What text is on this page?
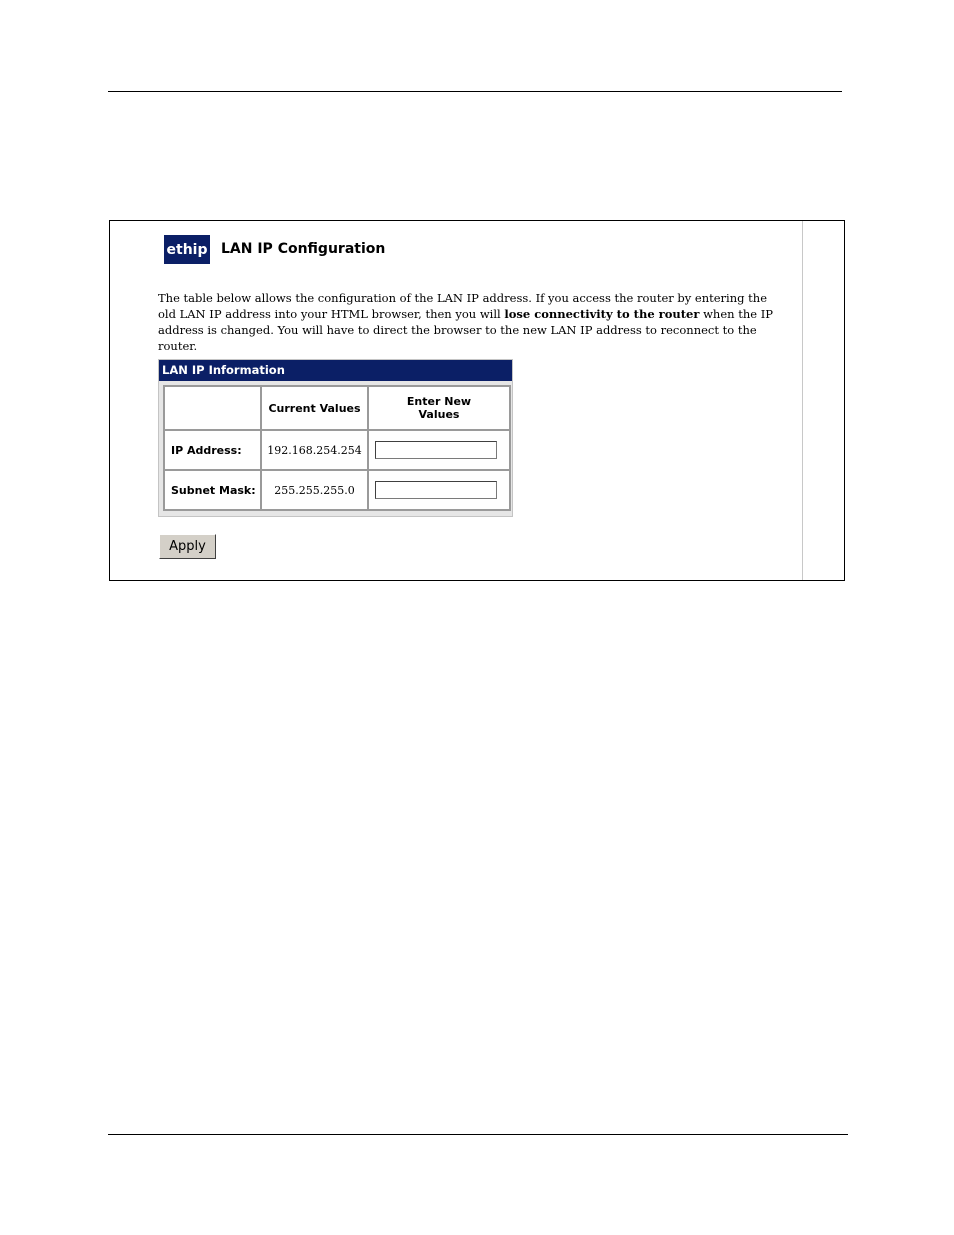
ethip LAN IP Configuration
The table below allows the configuration of the LAN IP address. If you access the router by entering the old LAN IP address into your HTML browser, then you will lose connectivity to the router when the IP address is changed. You will have to direct the browser to the new LAN IP address to reconnect to the router.
LAN IP Information
	Current Values	Enter New Values

IP Address:	192.168.254.254	

Subnet Mask:	255.255.255.0	
Apply
